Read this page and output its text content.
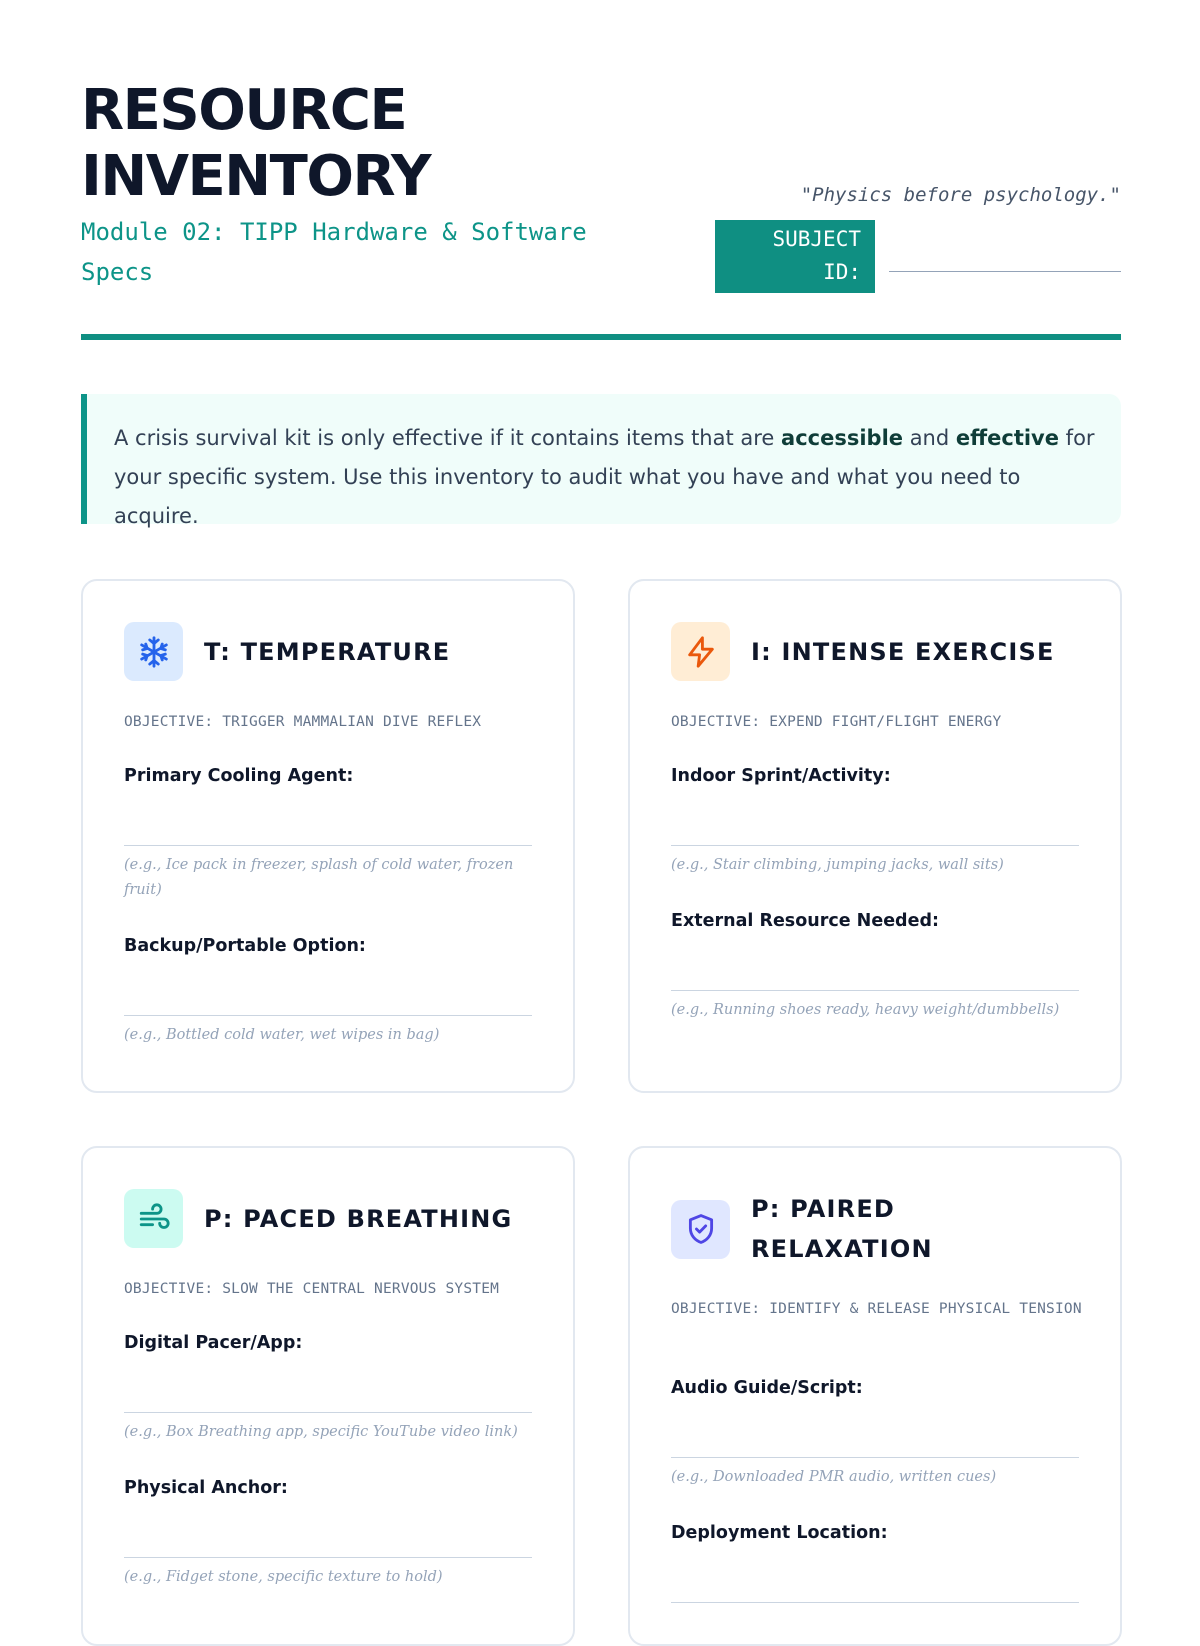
RESOURCE
INVENTORY
Module 02: TIPP Hardware & Software Specs
"Physics before psychology."
SUBJECT
ID:
A crisis survival kit is only effective if it contains items that are accessible and effective for your specific system. Use this inventory to audit what you have and what you need to acquire.
T: TEMPERATURE
OBJECTIVE: TRIGGER MAMMALIAN DIVE REFLEX
Primary Cooling Agent:
(e.g., Ice pack in freezer, splash of cold water, frozen fruit)
Backup/Portable Option:
(e.g., Bottled cold water, wet wipes in bag)
I: INTENSE EXERCISE
OBJECTIVE: EXPEND FIGHT/FLIGHT ENERGY
Indoor Sprint/Activity:
(e.g., Stair climbing, jumping jacks, wall sits)
External Resource Needed:
(e.g., Running shoes ready, heavy weight/dumbbells)
P: PACED BREATHING
OBJECTIVE: SLOW THE CENTRAL NERVOUS SYSTEM
Digital Pacer/App:
(e.g., Box Breathing app, specific YouTube video link)
Physical Anchor:
(e.g., Fidget stone, specific texture to hold)
P: PAIRED
RELAXATION
OBJECTIVE: IDENTIFY & RELEASE PHYSICAL TENSION
Audio Guide/Script:
(e.g., Downloaded PMR audio, written cues)
Deployment Location:
